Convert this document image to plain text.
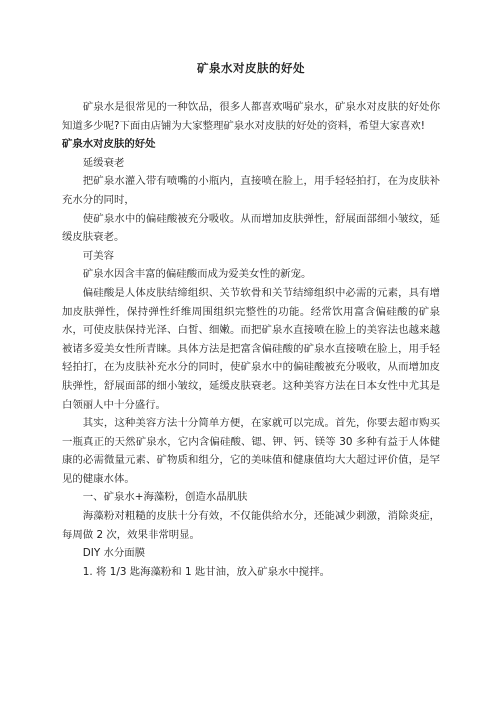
矿泉水对皮肤的好处
矿泉水是很常见的一种饮品，很多人都喜欢喝矿泉水，矿泉水对皮肤的好处你知道多少呢?下面由店铺为大家整理矿泉水对皮肤的好处的资料，希望大家喜欢!
矿泉水对皮肤的好处
延缓衰老
把矿泉水灌入带有喷嘴的小瓶内，直接喷在脸上，用手轻轻拍打，在为皮肤补充水分的同时，
使矿泉水中的偏硅酸被充分吸收。从而增加皮肤弹性，舒展面部细小皱纹，延缓皮肤衰老。
可美容
矿泉水因含丰富的偏硅酸而成为爱美女性的新宠。
偏硅酸是人体皮肤结缔组织、关节软骨和关节结缔组织中必需的元素，具有增加皮肤弹性，保持弹性纤维周围组织完整性的功能。经常饮用富含偏硅酸的矿泉水，可使皮肤保持光泽、白皙、细嫩。而把矿泉水直接喷在脸上的美容法也越来越被诸多爱美女性所青睐。具体方法是把富含偏硅酸的矿泉水直接喷在脸上，用手轻轻拍打，在为皮肤补充水分的同时，使矿泉水中的偏硅酸被充分吸收，从而增加皮肤弹性，舒展面部的细小皱纹，延缓皮肤衰老。这种美容方法在日本女性中尤其是白领丽人中十分盛行。
其实，这种美容方法十分简单方便，在家就可以完成。首先，你要去超市购买一瓶真正的天然矿泉水，它内含偏硅酸、锶、钾、钙、镁等 30 多种有益于人体健康的必需微量元素、矿物质和组分，它的美味值和健康值均大大超过评价值，是罕见的健康水体。
一、矿泉水+海藻粉，创造水晶肌肤
海藻粉对粗糙的皮肤十分有效，不仅能供给水分，还能减少刺激，消除炎症，每周做 2 次，效果非常明显。
DIY 水分面膜
1. 将 1/3 匙海藻粉和 1 匙甘油，放入矿泉水中搅拌。
